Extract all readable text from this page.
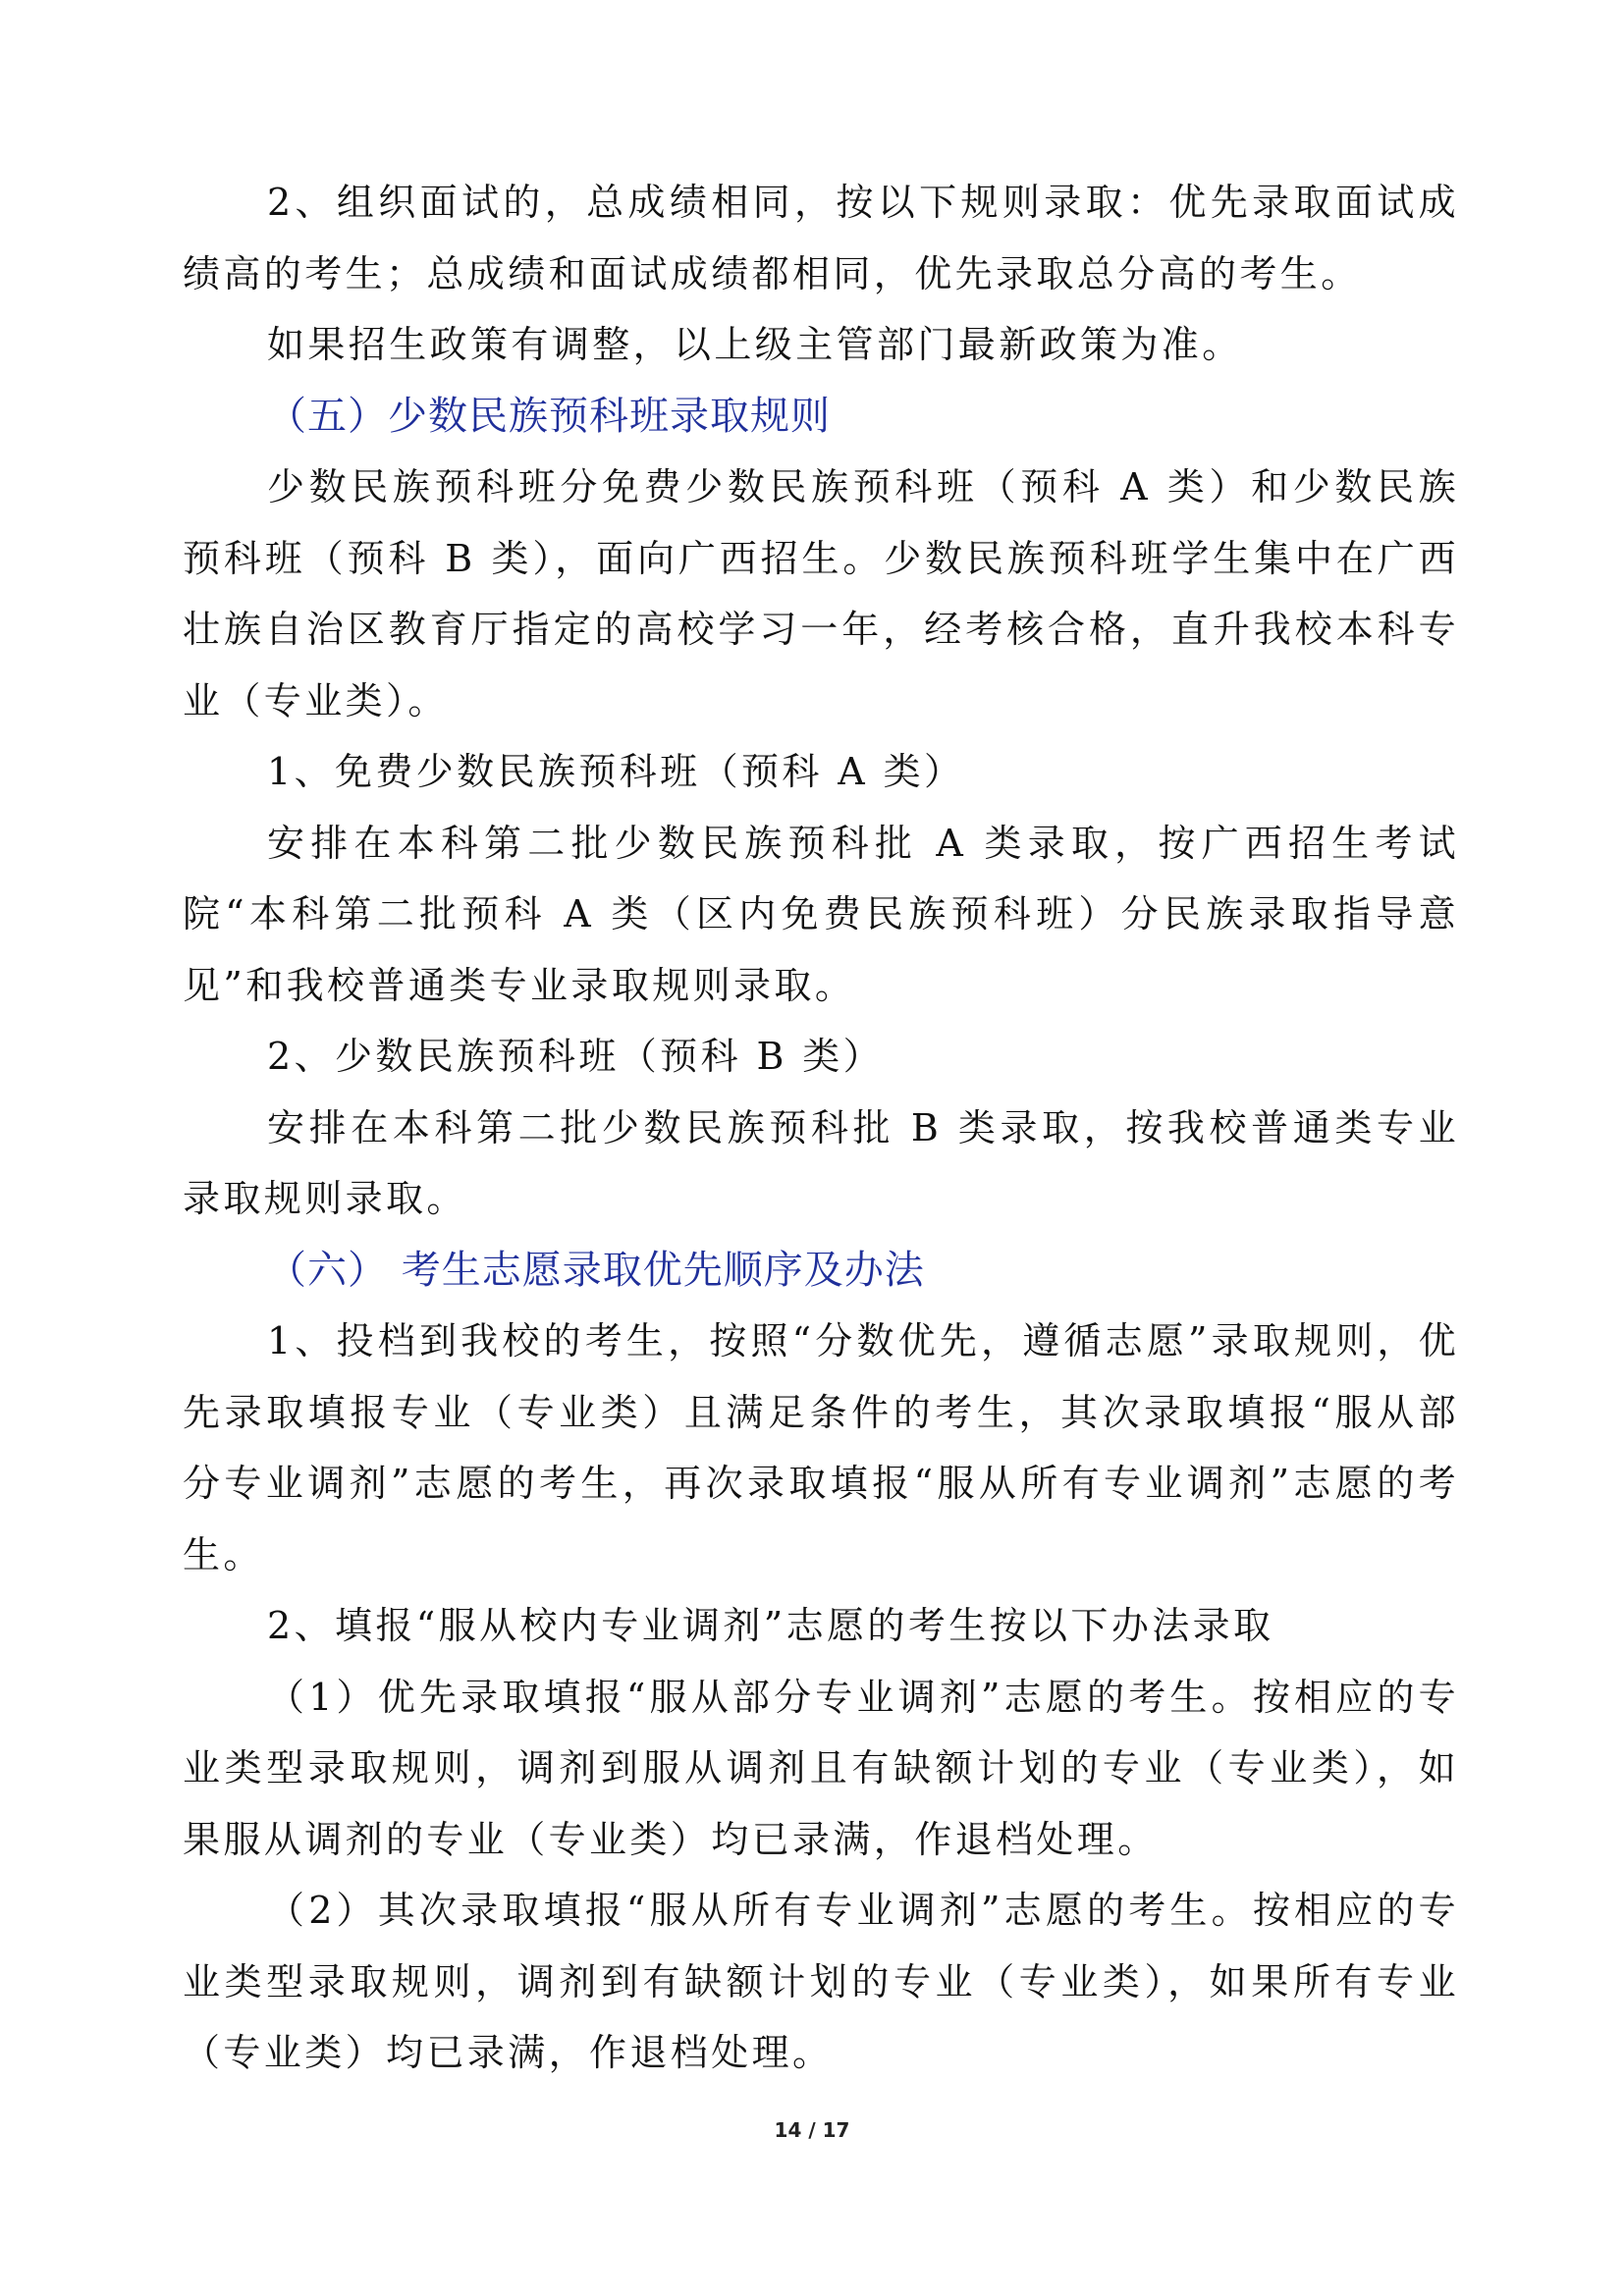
2、组织面试的，总成绩相同，按以下规则录取：优先录取面试成绩高的考生；总成绩和面试成绩都相同，优先录取总分高的考生。

如果招生政策有调整，以上级主管部门最新政策为准。

（五）少数民族预科班录取规则

少数民族预科班分免费少数民族预科班（预科 A 类）和少数民族预科班（预科 B 类），面向广西招生。少数民族预科班学生集中在广西壮族自治区教育厅指定的高校学习一年，经考核合格，直升我校本科专业（专业类）。

1、免费少数民族预科班（预科 A 类）

安排在本科第二批少数民族预科批 A 类录取，按广西招生考试院“本科第二批预科 A 类（区内免费民族预科班）分民族录取指导意见”和我校普通类专业录取规则录取。

2、少数民族预科班（预科 B 类）

安排在本科第二批少数民族预科批 B 类录取，按我校普通类专业录取规则录取。

（六） 考生志愿录取优先顺序及办法

1、投档到我校的考生，按照“分数优先，遵循志愿”录取规则，优先录取填报专业（专业类）且满足条件的考生，其次录取填报“服从部分专业调剂”志愿的考生，再次录取填报“服从所有专业调剂”志愿的考生。

2、填报“服从校内专业调剂”志愿的考生按以下办法录取

（1）优先录取填报“服从部分专业调剂”志愿的考生。按相应的专业类型录取规则，调剂到服从调剂且有缺额计划的专业（专业类），如果服从调剂的专业（专业类）均已录满，作退档处理。

（2）其次录取填报“服从所有专业调剂”志愿的考生。按相应的专业类型录取规则，调剂到有缺额计划的专业（专业类），如果所有专业（专业类）均已录满，作退档处理。

14 / 17
